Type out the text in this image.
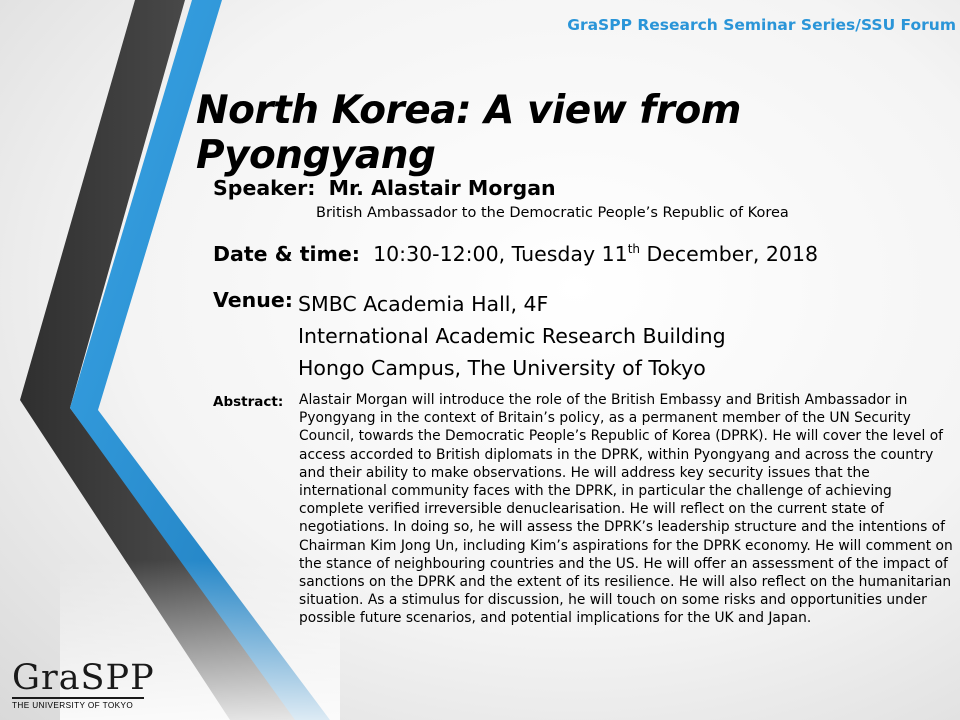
GraSPP Research Seminar Series/SSU Forum
North Korea: A view from Pyongyang
Speaker: Mr. Alastair Morgan
British Ambassador to the Democratic People’s Republic of Korea
Date & time: 10:30-12:00, Tuesday 11th December, 2018
Venue: SMBC Academia Hall, 4F
International Academic Research Building
Hongo Campus, The University of Tokyo
Abstract: Alastair Morgan will introduce the role of the British Embassy and British Ambassador in Pyongyang in the context of Britain’s policy, as a permanent member of the UN Security Council, towards the Democratic People’s Republic of Korea (DPRK). He will cover the level of access accorded to British diplomats in the DPRK, within Pyongyang and across the country and their ability to make observations. He will address key security issues that the international community faces with the DPRK, in particular the challenge of achieving complete verified irreversible denuclearisation. He will reflect on the current state of negotiations. In doing so, he will assess the DPRK’s leadership structure and the intentions of Chairman Kim Jong Un, including Kim’s aspirations for the DPRK economy. He will comment on the stance of neighbouring countries and the US. He will offer an assessment of the impact of sanctions on the DPRK and the extent of its resilience. He will also reflect on the humanitarian situation. As a stimulus for discussion, he will touch on some risks and opportunities under possible future scenarios, and potential implications for the UK and Japan.
GraSPP
THE UNIVERSITY OF TOKYO
